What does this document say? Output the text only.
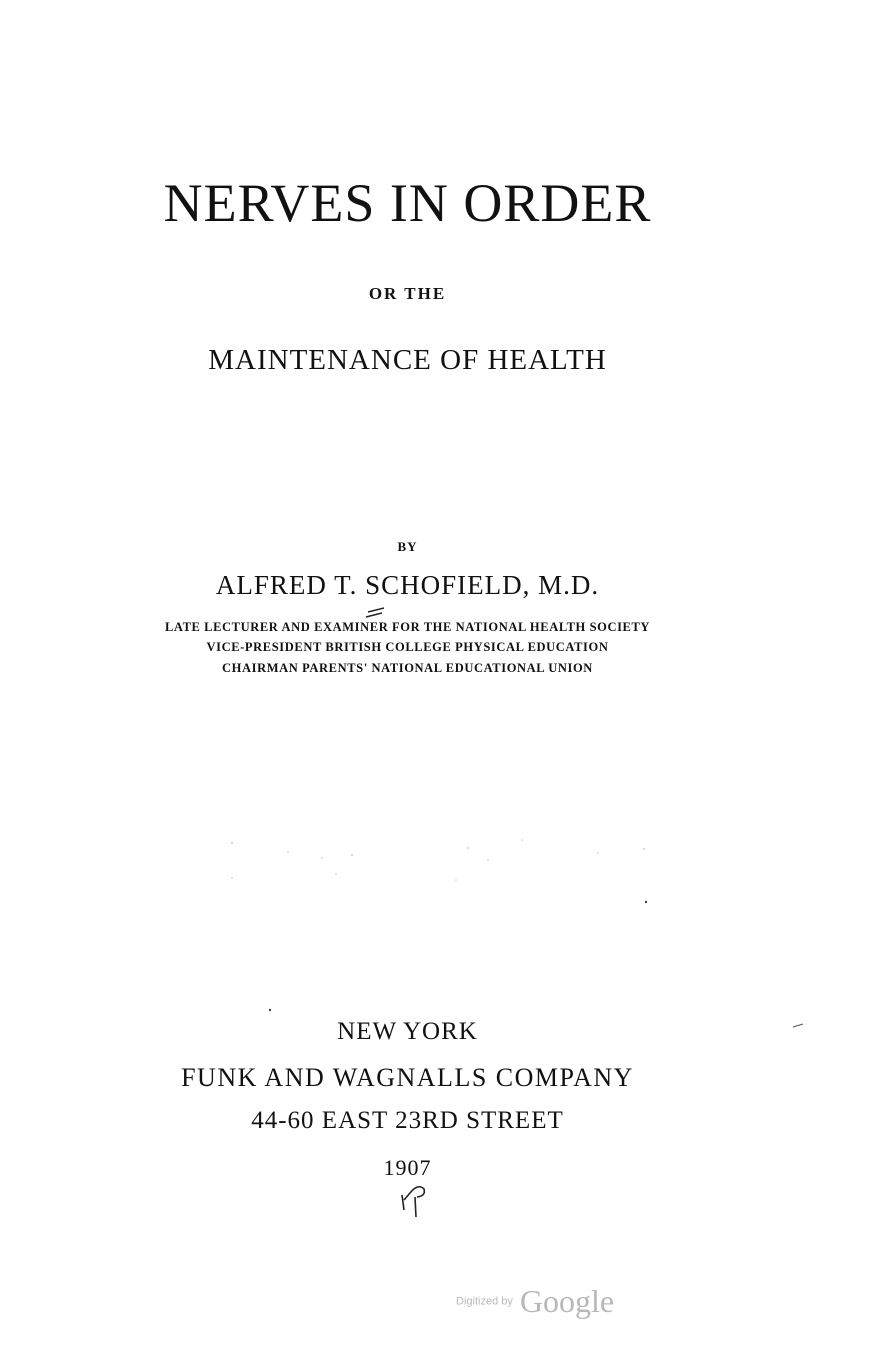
NERVES IN ORDER
OR THE
MAINTENANCE OF HEALTH
BY
ALFRED T. SCHOFIELD, M.D.
LATE LECTURER AND EXAMINER FOR THE NATIONAL HEALTH SOCIETY
VICE-PRESIDENT BRITISH COLLEGE PHYSICAL EDUCATION
CHAIRMAN PARENTS' NATIONAL EDUCATIONAL UNION
NEW YORK
FUNK AND WAGNALLS COMPANY
44-60 EAST 23RD STREET
1907
Digitized by Google
